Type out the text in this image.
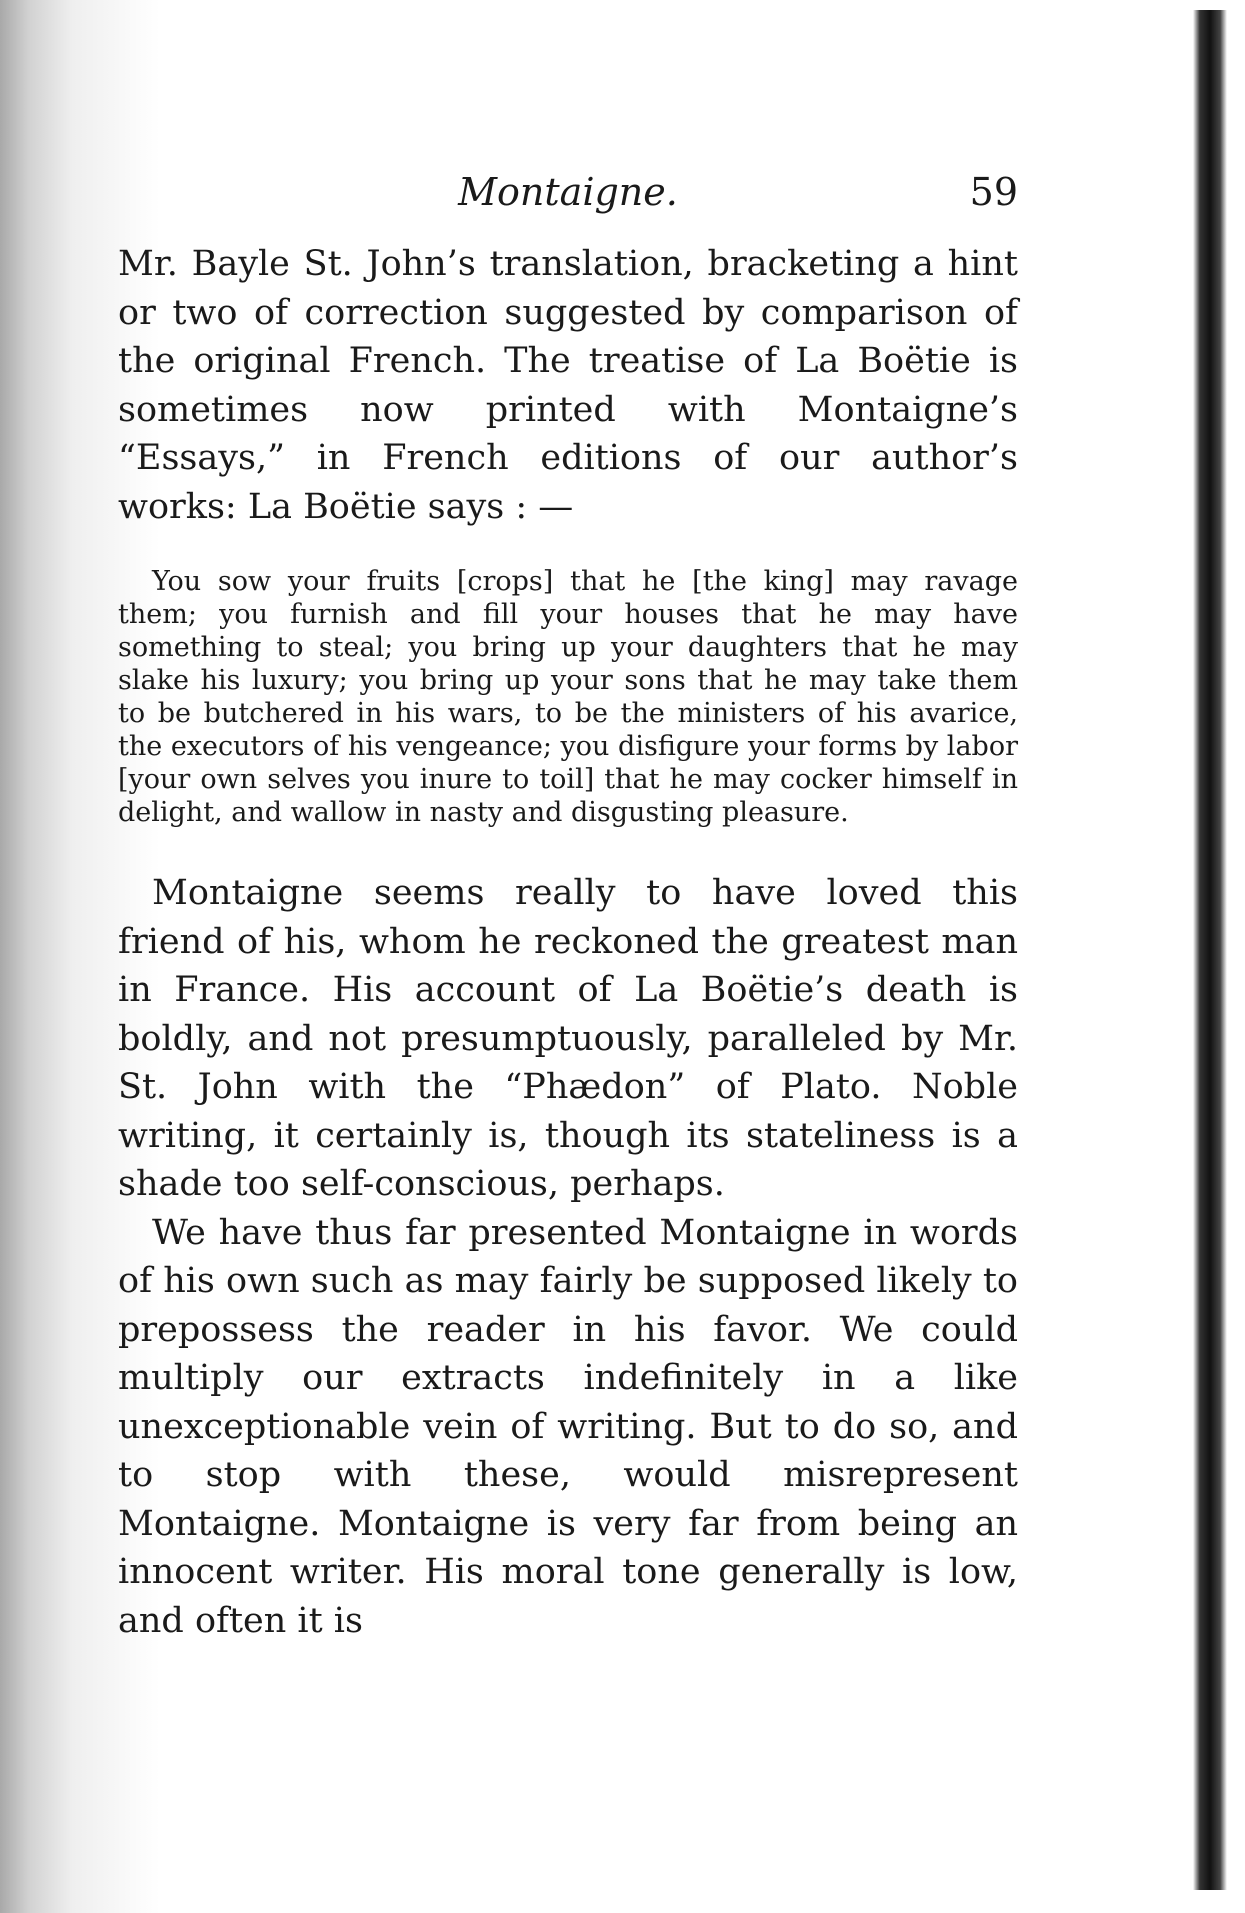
Montaigne.	59

Mr. Bayle St. John’s translation, bracketing a hint or two of correction suggested by comparison of the original French. The treatise of La Boëtie is sometimes now printed with Montaigne’s “Essays,” in French editions of our author’s works: La Boëtie says : —

You sow your fruits [crops] that he [the king] may ravage them; you furnish and fill your houses that he may have something to steal; you bring up your daughters that he may slake his luxury; you bring up your sons that he may take them to be butchered in his wars, to be the ministers of his avarice, the executors of his vengeance; you disfigure your forms by labor [your own selves you inure to toil] that he may cocker himself in delight, and wallow in nasty and disgusting pleasure.

Montaigne seems really to have loved this friend of his, whom he reckoned the greatest man in France. His account of La Boëtie’s death is boldly, and not presumptuously, paralleled by Mr. St. John with the “Phædon” of Plato. Noble writing, it certainly is, though its stateliness is a shade too self-conscious, perhaps.

We have thus far presented Montaigne in words of his own such as may fairly be supposed likely to prepossess the reader in his favor. We could multiply our extracts indefinitely in a like unexceptionable vein of writing. But to do so, and to stop with these, would misrepresent Montaigne. Montaigne is very far from being an innocent writer. His moral tone generally is low, and often it is
